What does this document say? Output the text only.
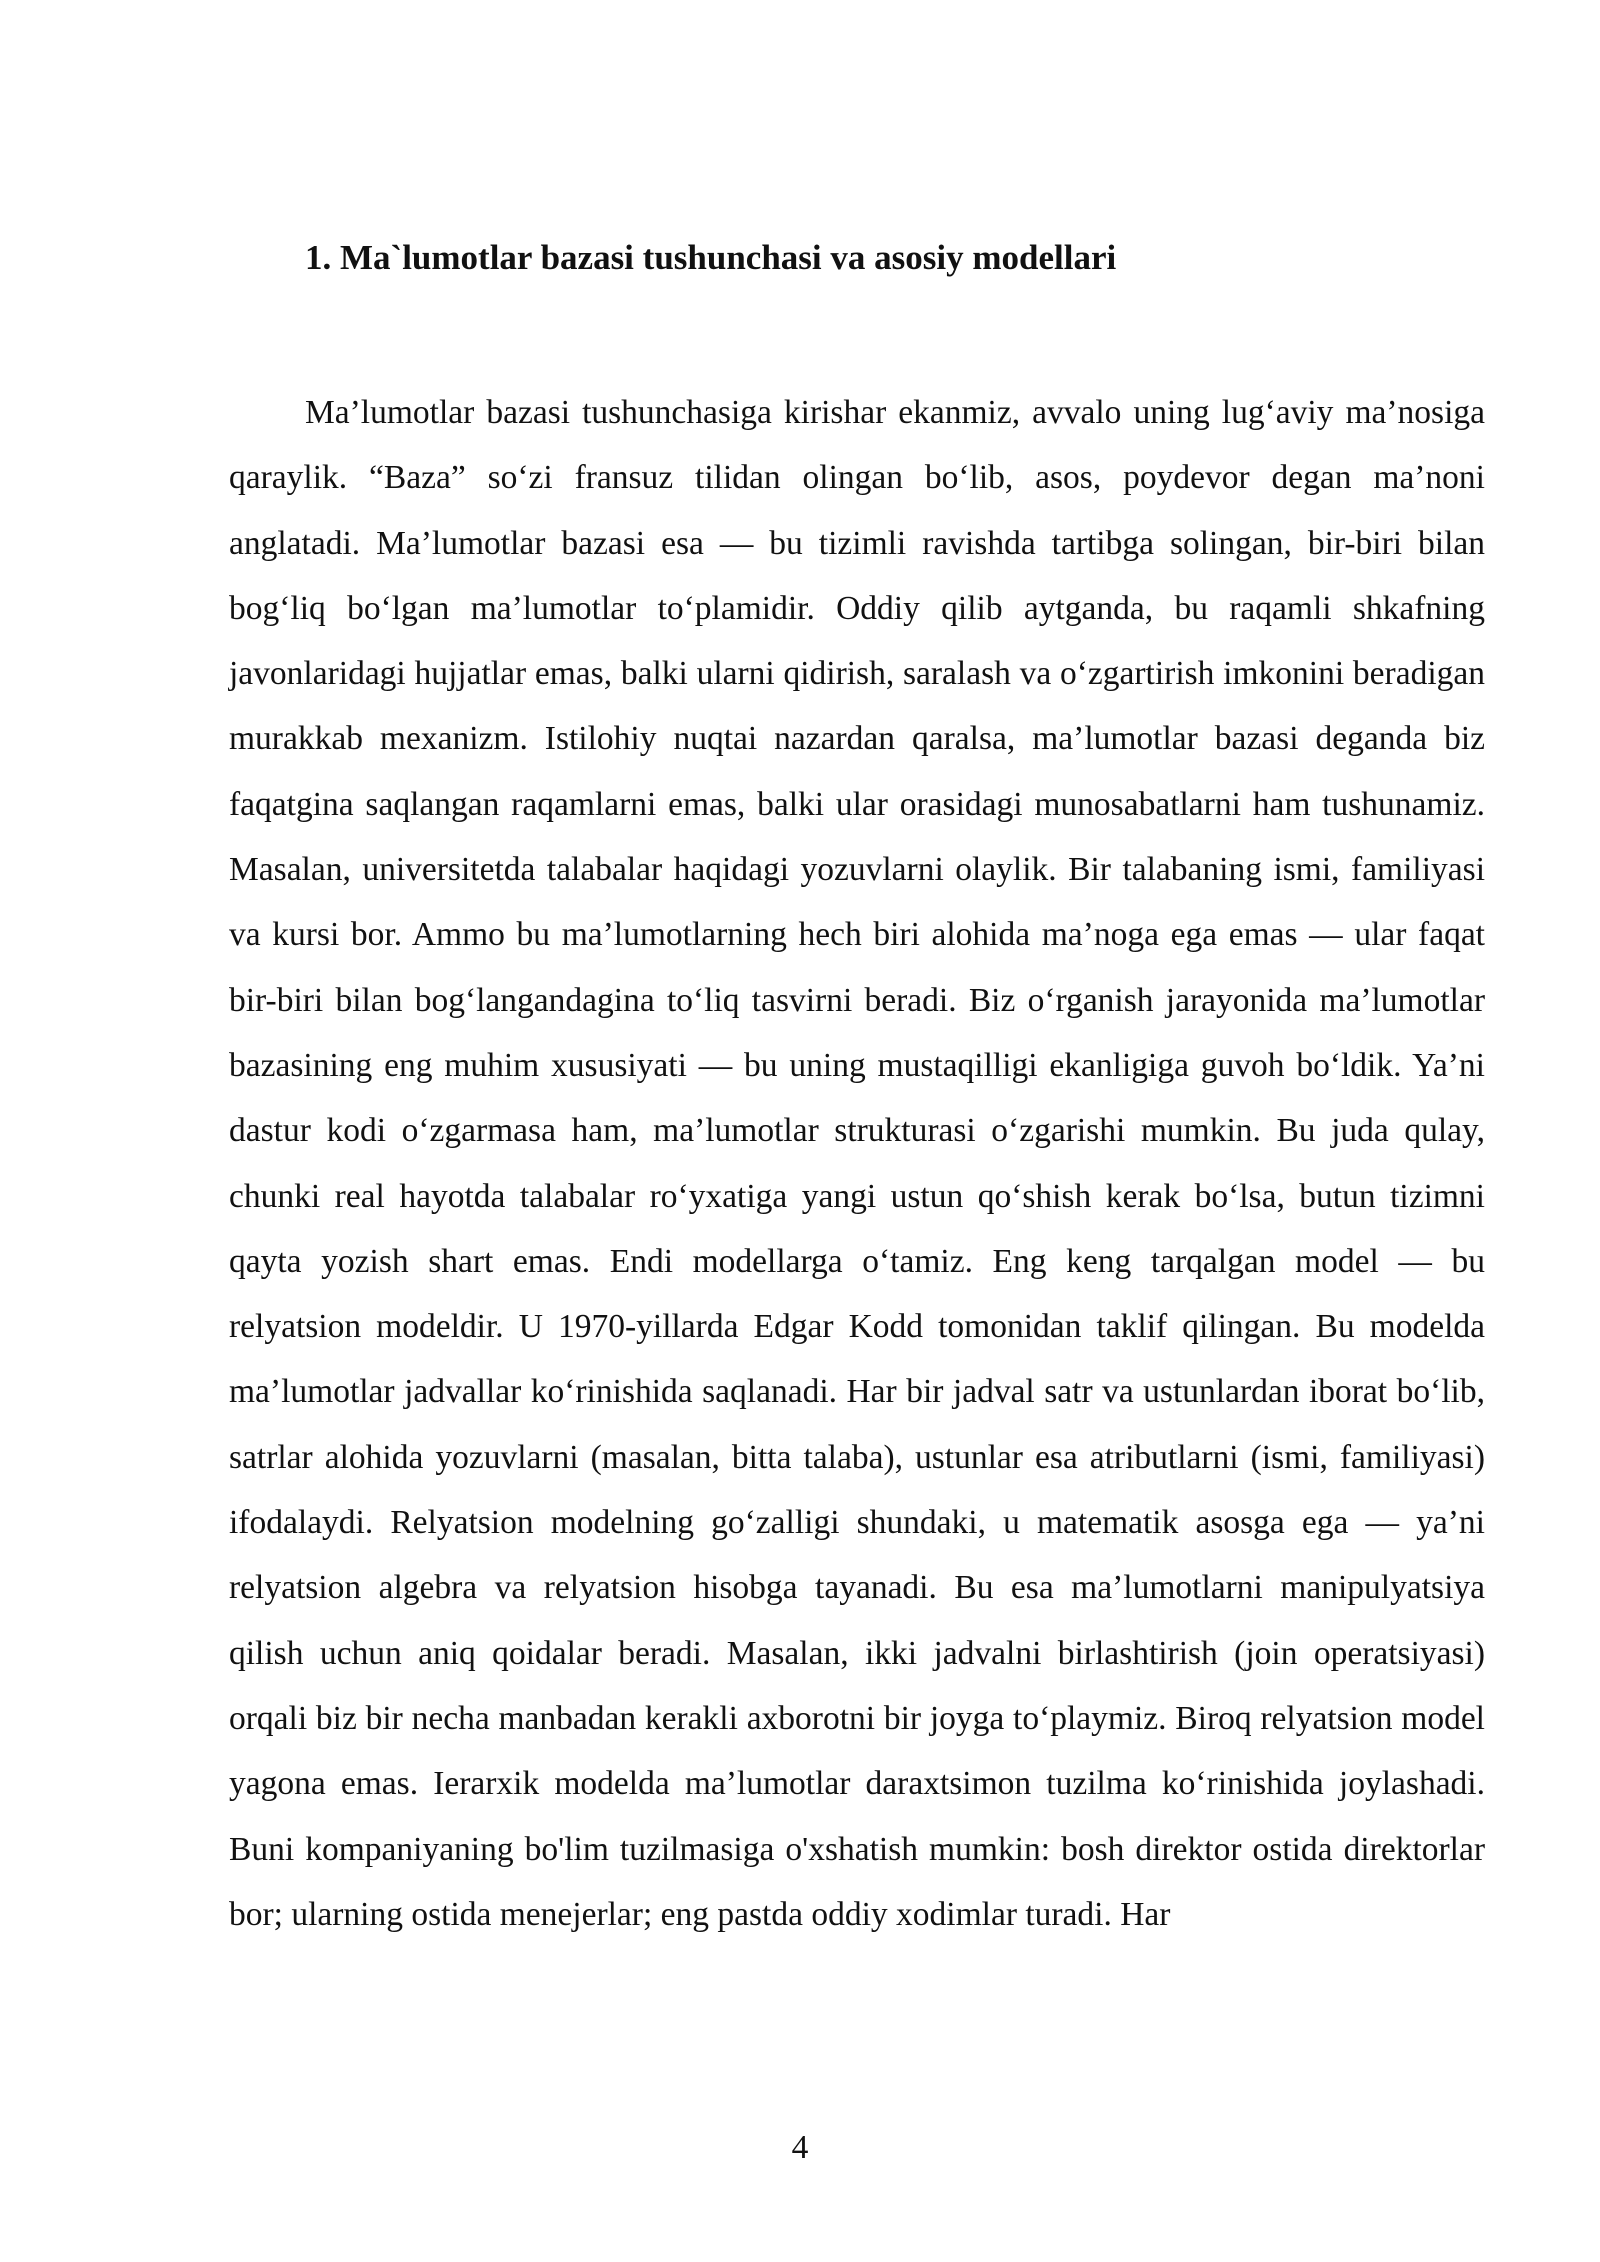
1. Ma`lumotlar bazasi tushunchasi va asosiy modellari

Ma’lumotlar bazasi tushunchasiga kirishar ekanmiz, avvalo uning lug‘aviy ma’nosiga qaraylik. “Baza” so‘zi fransuz tilidan olingan bo‘lib, asos, poydevor degan ma’noni anglatadi. Ma’lumotlar bazasi esa — bu tizimli ravishda tartibga solingan, bir-biri bilan bog‘liq bo‘lgan ma’lumotlar to‘plamidir. Oddiy qilib aytganda, bu raqamli shkafning javonlaridagi hujjatlar emas, balki ularni qidirish, saralash va o‘zgartirish imkonini beradigan murakkab mexanizm. Istilohiy nuqtai nazardan qaralsa, ma’lumotlar bazasi deganda biz faqatgina saqlangan raqamlarni emas, balki ular orasidagi munosabatlarni ham tushunamiz. Masalan, universitetda talabalar haqidagi yozuvlarni olaylik. Bir talabaning ismi, familiyasi va kursi bor. Ammo bu ma’lumotlarning hech biri alohida ma’noga ega emas — ular faqat bir-biri bilan bog‘langandagina to‘liq tasvirni beradi. Biz o‘rganish jarayonida ma’lumotlar bazasining eng muhim xususiyati — bu uning mustaqilligi ekanligiga guvoh bo‘ldik. Ya’ni dastur kodi o‘zgarmasa ham, ma’lumotlar strukturasi o‘zgarishi mumkin. Bu juda qulay, chunki real hayotda talabalar ro‘yxatiga yangi ustun qo‘shish kerak bo‘lsa, butun tizimni qayta yozish shart emas. Endi modellarga o‘tamiz. Eng keng tarqalgan model — bu relyatsion modeldir. U 1970-yillarda Edgar Kodd tomonidan taklif qilingan. Bu modelda ma’lumotlar jadvallar ko‘rinishida saqlanadi. Har bir jadval satr va ustunlardan iborat bo‘lib, satrlar alohida yozuvlarni (masalan, bitta talaba), ustunlar esa atributlarni (ismi, familiyasi) ifodalaydi. Relyatsion modelning go‘zalligi shundaki, u matematik asosga ega — ya’ni relyatsion algebra va relyatsion hisobga tayanadi. Bu esa ma’lumotlarni manipulyatsiya qilish uchun aniq qoidalar beradi. Masalan, ikki jadvalni birlashtirish (join operatsiyasi) orqali biz bir necha manbadan kerakli axborotni bir joyga to‘playmiz. Biroq relyatsion model yagona emas. Ierarxik modelda ma’lumotlar daraxtsimon tuzilma ko‘rinishida joylashadi. Buni kompaniyaning bo'lim tuzilmasiga o'xshatish mumkin: bosh direktor ostida direktorlar bor; ularning ostida menejerlar; eng pastda oddiy xodimlar turadi. Har

4
